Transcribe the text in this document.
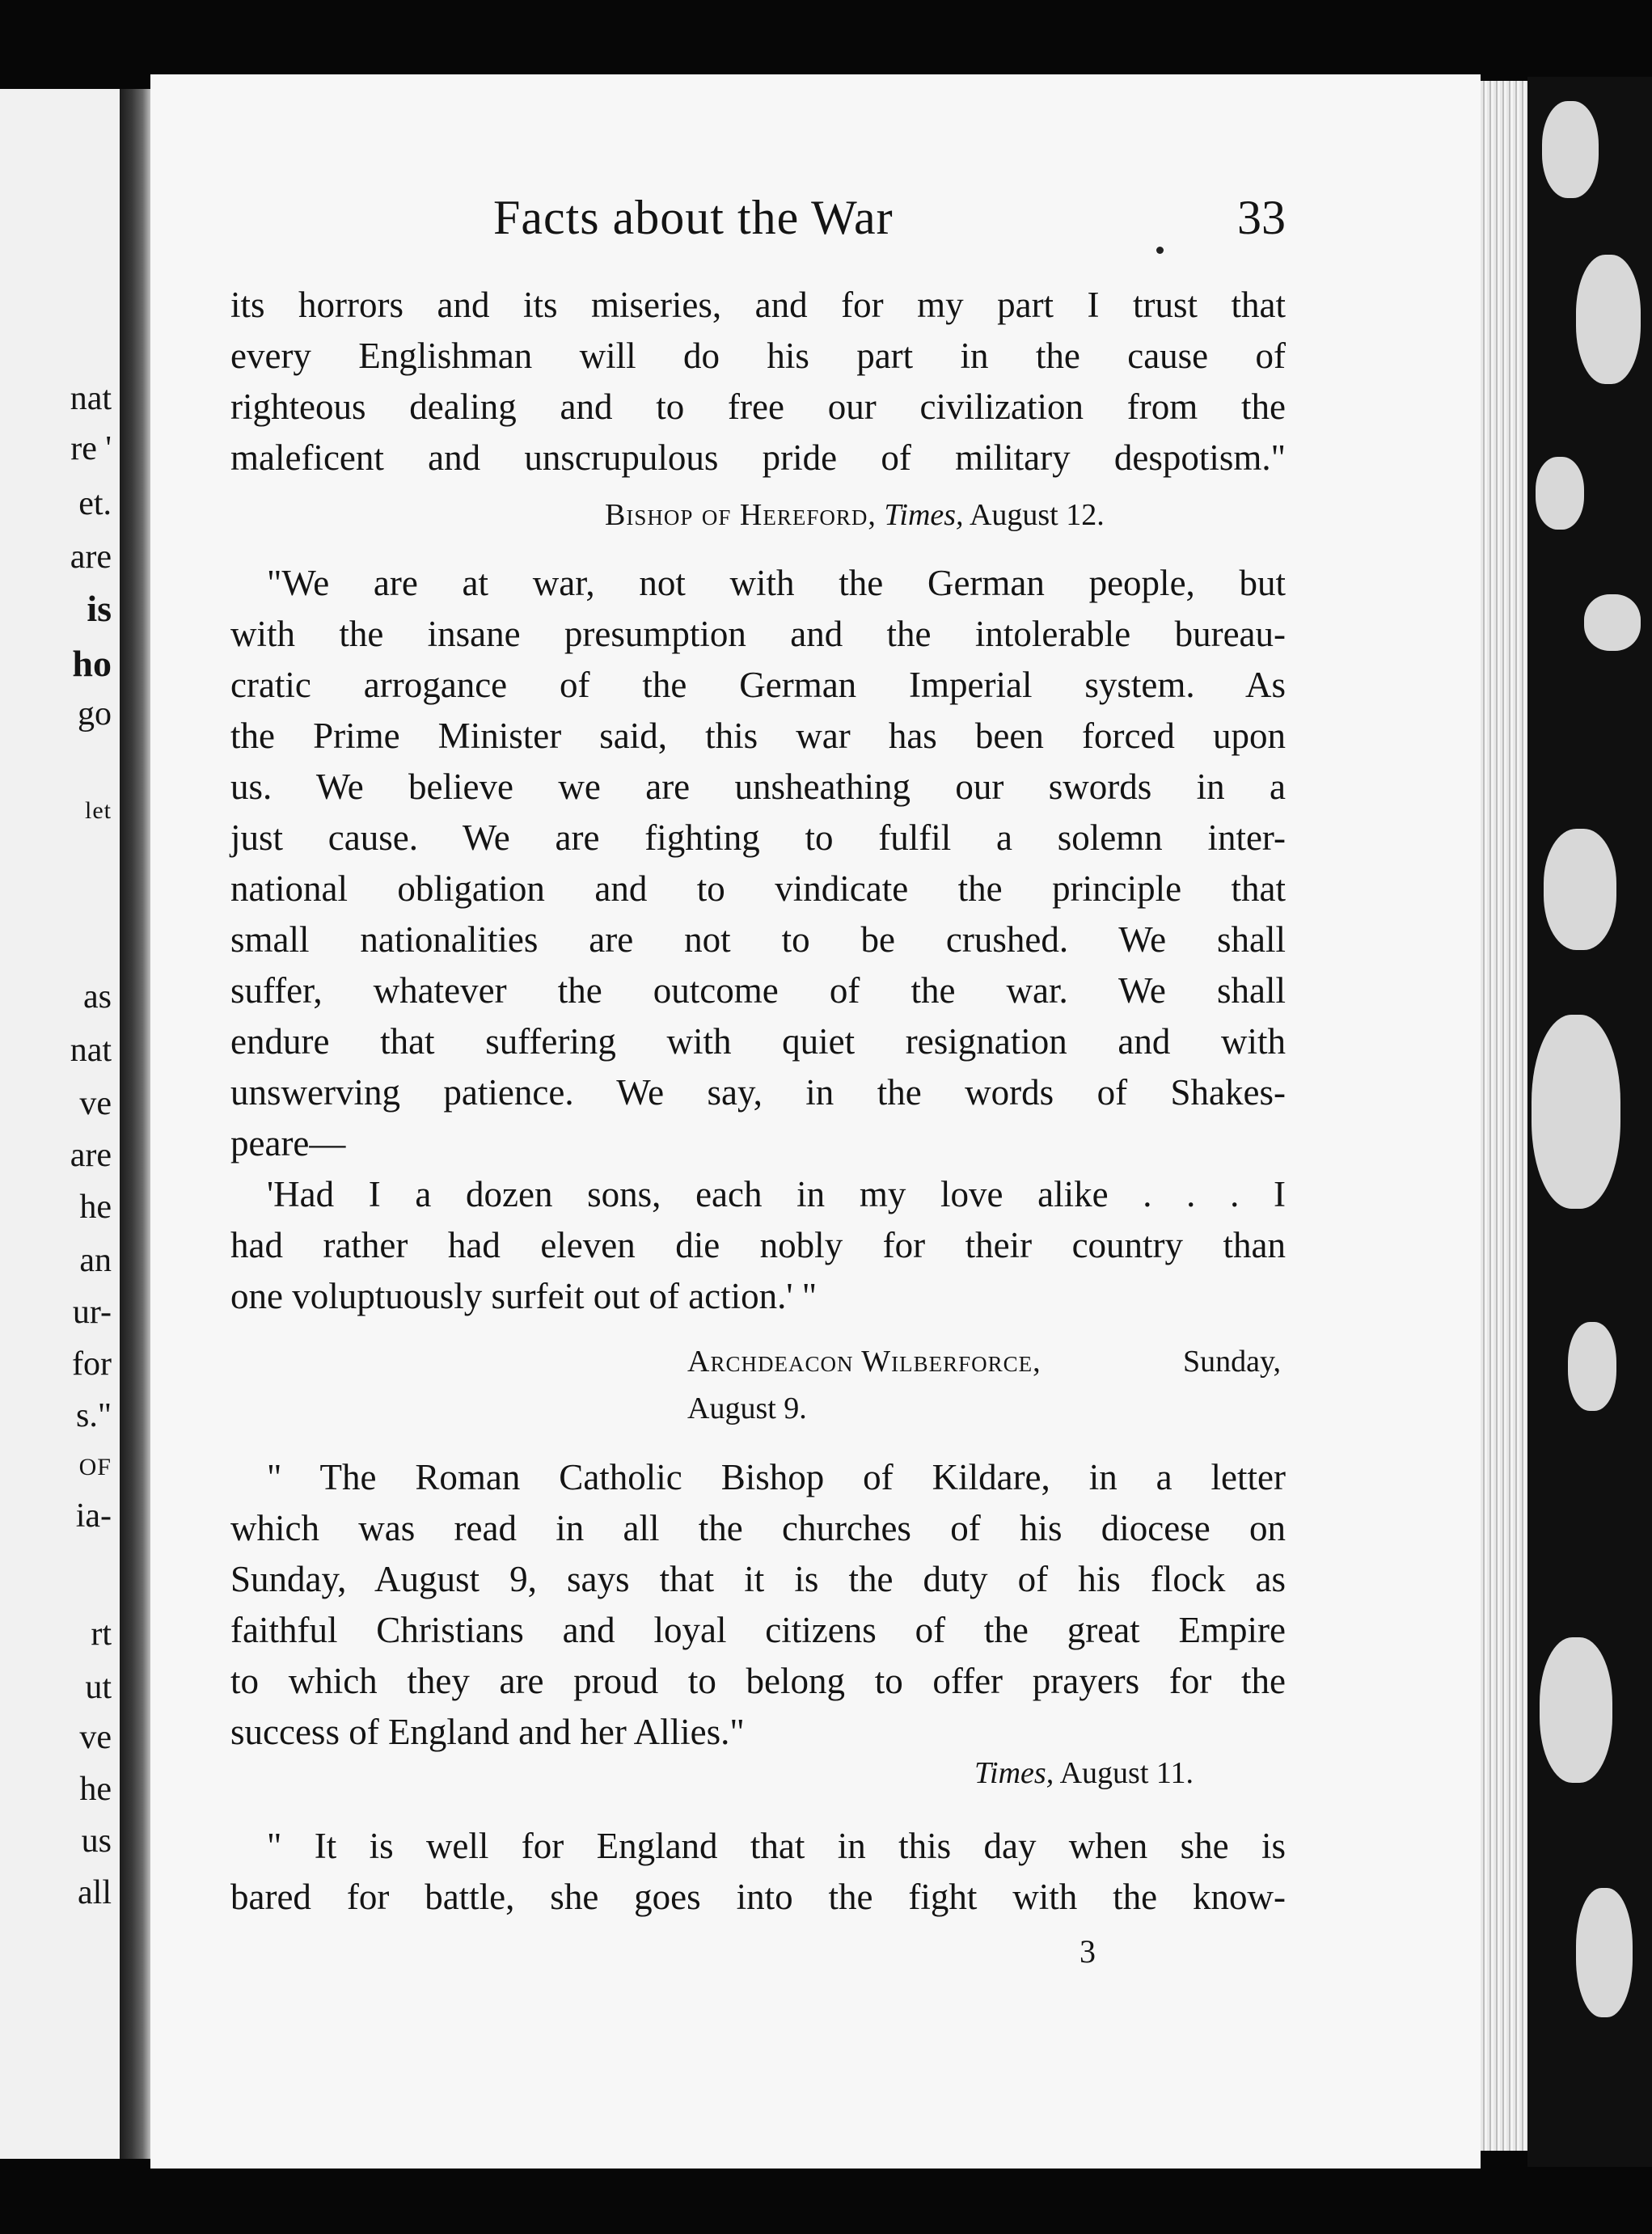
nat
re '
et.
are
is
ho
go
let
as
nat
ve
are
he
an
ur-
for
s."
OF
ia-
rt
ut
ve
he
us
all
Facts about the War	33
its horrors and its miseries, and for my part I trust that
every Englishman will do his part in the cause of
righteous dealing and to free our civilization from the
maleficent and unscrupulous pride of military despotism."
Bishop of Hereford, Times, August 12.
"We are at war, not with the German people, but
with the insane presumption and the intolerable bureau-
cratic arrogance of the German Imperial system. As
the Prime Minister said, this war has been forced upon
us. We believe we are unsheathing our swords in a
just cause. We are fighting to fulfil a solemn inter-
national obligation and to vindicate the principle that
small nationalities are not to be crushed. We shall
suffer, whatever the outcome of the war. We shall
endure that suffering with quiet resignation and with
unswerving patience. We say, in the words of Shakes-
peare—
'Had I a dozen sons, each in my love alike . . . I
had rather had eleven die nobly for their country than
one voluptuously surfeit out of action.' "
Archdeacon Wilberforce,	Sunday,
August 9.
" The Roman Catholic Bishop of Kildare, in a letter
which was read in all the churches of his diocese on
Sunday, August 9, says that it is the duty of his flock as
faithful Christians and loyal citizens of the great Empire
to which they are proud to belong to offer prayers for the
success of England and her Allies."
Times, August 11.
" It is well for England that in this day when she is
bared for battle, she goes into the fight with the know-
3
